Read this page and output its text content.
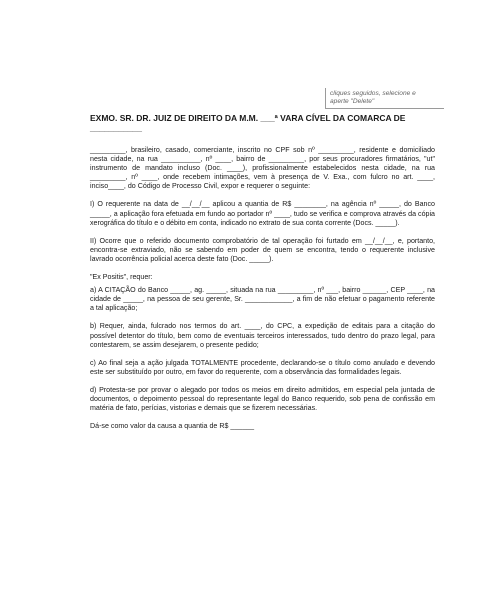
cliques seguidos, selecione e
aperte "Delete"
EXMO. SR. DR. JUIZ DE DIREITO DA M.M. ___ª VARA CÍVEL DA COMARCA DE ___________

_________, brasileiro, casado, comerciante, inscrito no CPF sob nº _________, residente e domiciliado nesta cidade, na rua __________, nº ____, bairro de _________, por seus procuradores firmatários, "ut" instrumento de mandato incluso (Doc. ____), profissionalmente estabelecidos nesta cidade, na rua _________, nº ____, onde recebem intimações, vem à presença de V. Exa., com fulcro no art. ____, inciso____, do Código de Processo Civil, expor e requerer o seguinte:

I) O requerente na data de __/__/__ aplicou a quantia de R$ ________, na agência nº _____, do Banco _____, a aplicação fora efetuada em fundo ao portador nº ____, tudo se verifica e comprova através da cópia xerográfica do título e o débito em conta, indicado no extrato de sua conta corrente (Docs. _____).

II) Ocorre que o referido documento comprobatório de tal operação foi furtado em __/__/__, e, portanto, encontra-se extraviado, não se sabendo em poder de quem se encontra, tendo o requerente inclusive lavrado ocorrência policial acerca deste fato (Doc. _____).

"Ex Positis", requer:

a) A CITAÇÃO do Banco _____, ag. _____, situada na rua _________, nº ___, bairro ______, CEP ____, na cidade de _____, na pessoa de seu gerente, Sr. ____________, a fim de não efetuar o pagamento referente a tal aplicação;

b) Requer, ainda, fulcrado nos termos do art. ____, do CPC, a expedição de editais para a citação do possível detentor do título, bem como de eventuais terceiros interessados, tudo dentro do prazo legal, para contestarem, se assim desejarem, o presente pedido;

c) Ao final seja a ação julgada TOTALMENTE procedente, declarando-se o título como anulado e devendo este ser substituído por outro, em favor do requerente, com a observância das formalidades legais.

d) Protesta-se por provar o alegado por todos os meios em direito admitidos, em especial pela juntada de documentos, o depoimento pessoal do representante legal do Banco requerido, sob pena de confissão em matéria de fato, perícias, vistorias e demais que se fizerem necessárias.

Dá-se como valor da causa a quantia de R$ ______
